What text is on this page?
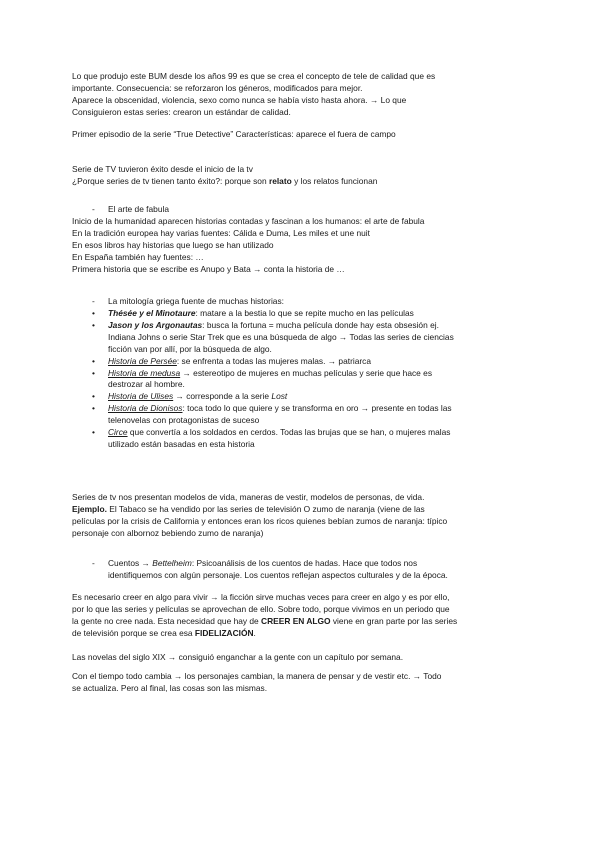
Lo que produjo este BUM desde los años 99 es que se crea el concepto de tele de calidad que es
importante. Consecuencia: se reforzaron los géneros, modificados para mejor.
Aparece la obscenidad, violencia, sexo como nunca se había visto hasta ahora. → Lo que
Consiguieron estas series: crearon un estándar de calidad.

Primer episodio de la serie “True Detective” Características: aparece el fuera de campo

Serie de TV tuvieron éxito desde el inicio de la tv
¿Porque series de tv tienen tanto éxito?: porque son relato y los relatos funcionan

- El arte de fabula

Inicio de la humanidad aparecen historias contadas y fascinan a los humanos: el arte de fabula
En la tradición europea hay varias fuentes: Cálida e Duma, Les miles et une nuit
En esos libros hay historias que luego se han utilizado
En España también hay fuentes: …
Primera historia que se escribe es Anupo y Bata → conta la historia de …

- La mitología griega fuente de muchas historias:
• Thésée y el Minotaure: matare a la bestia lo que se repite mucho en las películas
• Jason y los Argonautas: busca la fortuna = mucha película donde hay esta obsesión ej.
Indiana Johns o serie Star Trek que es una búsqueda de algo → Todas las series de ciencias
ficción van por allí, por la búsqueda de algo.
• Historia de Persée: se enfrenta a todas las mujeres malas. → patriarca
• Historia de medusa → estereotipo de mujeres en muchas películas y serie que hace es
destrozar al hombre.
• Historia de Ulises → corresponde a la serie Lost
• Historia de Dionisos: toca todo lo que quiere y se transforma en oro → presente en todas las
telenovelas con protagonistas de suceso
• Circe que convertía a los soldados en cerdos. Todas las brujas que se han, o mujeres malas
utilizado están basadas en esta historia

Series de tv nos presentan modelos de vida, maneras de vestir, modelos de personas, de vida.
Ejemplo. El Tabaco se ha vendido por las series de televisión O zumo de naranja (viene de las
películas por la crisis de California y entonces eran los ricos quienes bebían zumos de naranja: típico
personaje con albornoz bebiendo zumo de naranja)

- Cuentos → Bettelheim: Psicoanálisis de los cuentos de hadas. Hace que todos nos
identifiquemos con algún personaje. Los cuentos reflejan aspectos culturales y de la época.

Es necesario creer en algo para vivir → la ficción sirve muchas veces para creer en algo y es por ello,
por lo que las series y películas se aprovechan de ello. Sobre todo, porque vivimos en un periodo que
la gente no cree nada. Esta necesidad que hay de CREER EN ALGO viene en gran parte por las series
de televisión porque se crea esa FIDELIZACIÓN.

Las novelas del siglo XIX → consiguió enganchar a la gente con un capítulo por semana.

Con el tiempo todo cambia → los personajes cambian, la manera de pensar y de vestir etc. → Todo
se actualiza. Pero al final, las cosas son las mismas.
